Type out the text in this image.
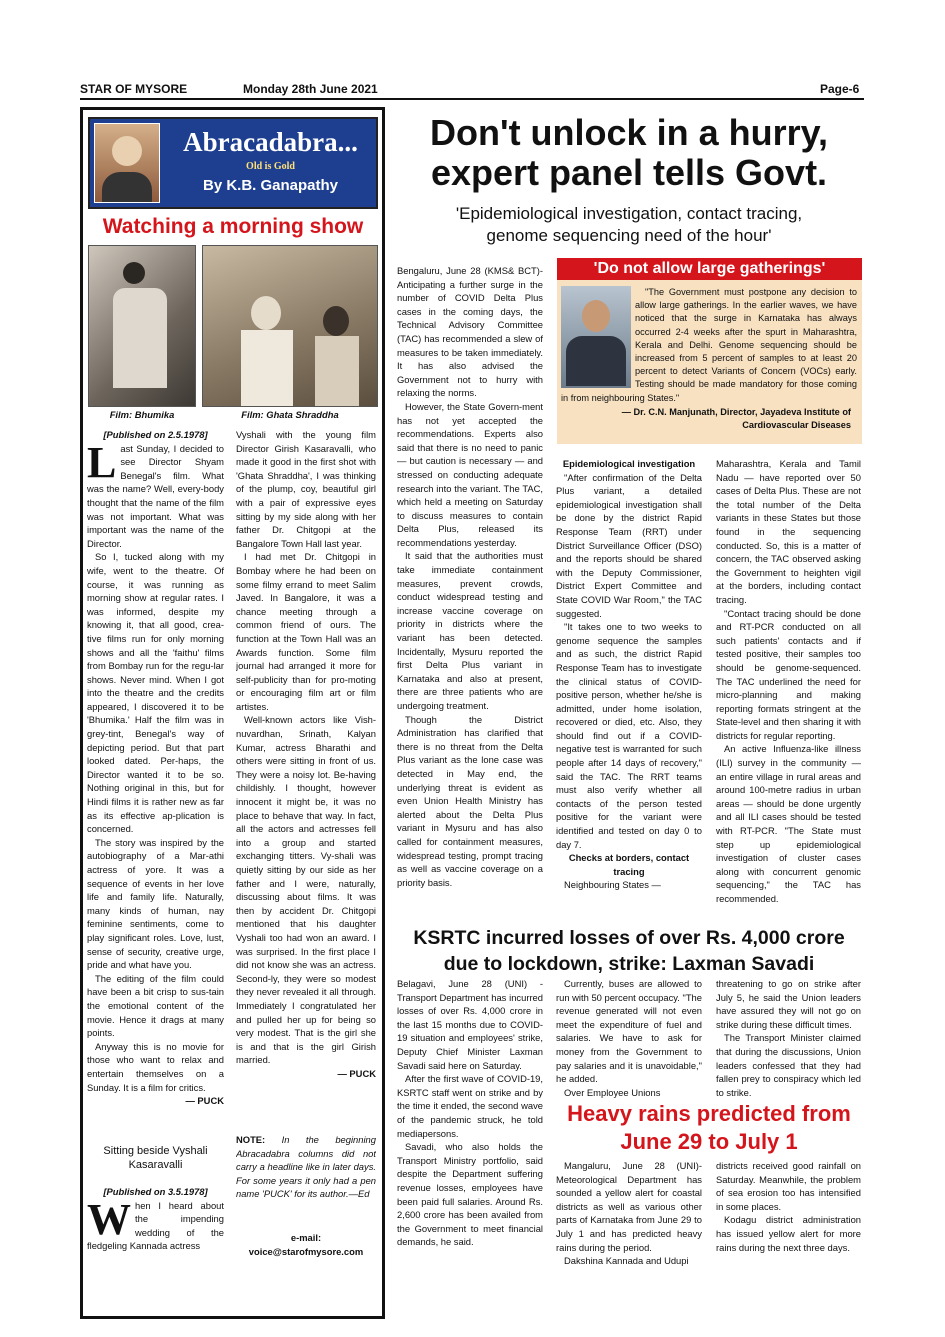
STAR OF MYSORE	Monday 28th June 2021	Page-6
Abracadabra...
Old is Gold
By K.B. Ganapathy
Watching a morning show
Film: Bhumika	Film: Ghata Shraddha
[Published on 2.5.1978]

Last Sunday, I decided to see Director Shyam Benegal's film. What was the name? Well, every-body thought that the name of the film was not important. What was important was the name of the Director.

So I, tucked along with my wife, went to the theatre. Of course, it was running as morning show at regular rates. I was informed, despite my knowing it, that all good, crea-tive films run for only morning shows and all the 'faithu' films from Bombay run for the regu-lar shows. Never mind. When I got into the theatre and the credits appeared, I discovered it to be 'Bhumika.' Half the film was in grey-tint, Benegal's way of depicting period. But that part looked dated. Per-haps, the Director wanted it to be so. Nothing original in this, but for Hindi films it is rather new as far as its effective ap-plication is concerned.

The story was inspired by the autobiography of a Mar-athi actress of yore. It was a sequence of events in her love life and family life. Naturally, many kinds of human, nay feminine sentiments, come to play significant roles. Love, lust, sense of security, creative urge, pride and what have you.

The editing of the film could have been a bit crisp to sus-tain the emotional content of the movie. Hence it drags at many points.

Anyway this is no movie for those who want to relax and entertain themselves on a Sunday. It is a film for critics.

— PUCK
Sitting beside Vyshali Kasaravalli
[Published on 3.5.1978]

When I heard about the impending wedding of the fledgeling Kannada actress

Vyshali with the young film Director Girish Kasaravalli, who made it good in the first shot with 'Ghata Shraddha', I was thinking of the plump, coy, beautiful girl with a pair of expressive eyes sitting by my side along with her father Dr. Chitgopi at the Bangalore Town Hall last year.

I had met Dr. Chitgopi in Bombay where he had been on some filmy errand to meet Salim Javed. In Bangalore, it was a chance meeting through a common friend of ours. The function at the Town Hall was an Awards function. Some film journal had arranged it more for self-publicity than for pro-moting or encouraging film art or film artistes.

Well-known actors like Vish-nuvardhan, Srinath, Kalyan Kumar, actress Bharathi and others were sitting in front of us. They were a noisy lot. Be-having childishly. I thought, however innocent it might be, it was no place to behave that way. In fact, all the actors and actresses fell into a group and started exchanging titters. Vy-shali was quietly sitting by our side as her father and I were, naturally, discussing about films. It was then by accident Dr. Chitgopi mentioned that his daughter Vyshali too had won an award. I was surprised. In the first place I did not know she was an actress. Second-ly, they were so modest they never revealed it all through. Immediately I congratulated her and pulled her up for being so very modest. That is the girl she is and that is the girl Girish married.

— PUCK
NOTE: In the beginning Abracadabra columns did not carry a headline like in later days. For some years it only had a pen name 'PUCK' for its author.—Ed
e-mail:
voice@starofmysore.com
Don't unlock in a hurry,
expert panel tells Govt.
'Epidemiological investigation, contact tracing,
genome sequencing need of the hour'

Bengaluru, June 28 (KMS& BCT)- Anticipating a further surge in the number of COVID Delta Plus cases in the coming days, the Technical Advisory Committee (TAC) has recommended a slew of measures to be taken immediately. It has also advised the Government not to hurry with relaxing the norms.

However, the State Govern-ment has not yet accepted the recommendations. Experts also said that there is no need to panic — but caution is necessary — and stressed on conducting adequate research into the variant. The TAC, which held a meeting on Saturday to discuss measures to contain Delta Plus, released its recommendations yesterday.

It said that the authorities must take immediate containment measures, prevent crowds, conduct widespread testing and increase vaccine coverage on priority in districts where the variant has been detected. Incidentally, Mysuru reported the first Delta Plus variant in Karnataka and also at present, there are three patients who are undergoing treatment.

Though the District Administration has clarified that there is no threat from the Delta Plus variant as the lone case was detected in May end, the underlying threat is evident as even Union Health Ministry has alerted about the Delta Plus variant in Mysuru and has also called for containment measures, widespread testing, prompt tracing as well as vaccine coverage on a priority basis.

'Do not allow large gatherings'

"The Government must postpone any decision to allow large gatherings. In the earlier waves, we have noticed that the surge in Karnataka has always occurred 2-4 weeks after the spurt in Maharashtra, Kerala and Delhi. Genome sequencing should be increased from 5 percent of samples to at least 20 percent to detect Variants of Concern (VOCs) early. Testing should be made mandatory for those coming in from neighbouring States."

— Dr. C.N. Manjunath, Director, Jayadeva Institute of Cardiovascular Diseases
Epidemiological investigation

"After confirmation of the Delta Plus variant, a detailed epidemiological investigation shall be done by the district Rapid Response Team (RRT) under District Surveillance Officer (DSO) and the reports should be shared with the Deputy Commissioner, District Expert Committee and State COVID War Room," the TAC suggested.

"It takes one to two weeks to genome sequence the samples and as such, the district Rapid Response Team has to investigate the clinical status of COVID-positive person, whether he/she is admitted, under home isolation, recovered or died, etc. Also, they should find out if a COVID-negative test is warranted for such people after 14 days of recovery," said the TAC. The RRT teams must also verify whether all contacts of the person tested positive for the variant were identified and tested on day 0 to day 7.

Checks at borders, contact tracing

Neighbouring States —

Maharashtra, Kerala and Tamil Nadu — have reported over 50 cases of Delta Plus. These are not the total number of the Delta variants in these States but those found in the sequencing conducted. So, this is a matter of concern, the TAC observed asking the Government to heighten vigil at the borders, including contact tracing.

"Contact tracing should be done and RT-PCR conducted on all such patients' contacts and if tested positive, their samples too should be genome-sequenced. The TAC underlined the need for micro-planning and making reporting formats stringent at the State-level and then sharing it with districts for regular reporting.

An active Influenza-like illness (ILI) survey in the community — an entire village in rural areas and around 100-metre radius in urban areas — should be done urgently and all ILI cases should be tested with RT-PCR. "The State must step up epidemiological investigation of cluster cases along with concurrent genomic sequencing," the TAC has recommended.

KSRTC incurred losses of over Rs. 4,000 crore
due to lockdown, strike: Laxman Savadi

Belagavi, June 28 (UNI) - Transport Department has incurred losses of over Rs. 4,000 crore in the last 15 months due to COVID-19 situation and employees' strike, Deputy Chief Minister Laxman Savadi said here on Saturday.

After the first wave of COVID-19, KSRTC staff went on strike and by the time it ended, the second wave of the pandemic struck, he told mediapersons.

Savadi, who also holds the Transport Ministry portfolio, said despite the Department suffering revenue losses, employees have been paid full salaries. Around Rs. 2,600 crore has been availed from the Government to meet financial demands, he said.

Currently, buses are allowed to run with 50 percent occupacy. "The revenue generated will not even meet the expenditure of fuel and salaries. We have to ask for money from the Government to pay salaries and it is unavoidable," he added.

Over Employee Unions

threatening to go on strike after July 5, he said the Union leaders have assured they will not go on strike during these difficult times.

The Transport Minister claimed that during the discussions, Union leaders confessed that they had fallen prey to conspiracy which led to strike.

Heavy rains predicted from
June 29 to July 1

Mangaluru, June 28 (UNI)- Meteorological Department has sounded a yellow alert for coastal districts as well as various other parts of Karnataka from June 29 to July 1 and has predicted heavy rains during the period.

Dakshina Kannada and Udupi

districts received good rainfall on Saturday. Meanwhile, the problem of sea erosion too has intensified in some places.

Kodagu district administration has issued yellow alert for more rains during the next three days.
